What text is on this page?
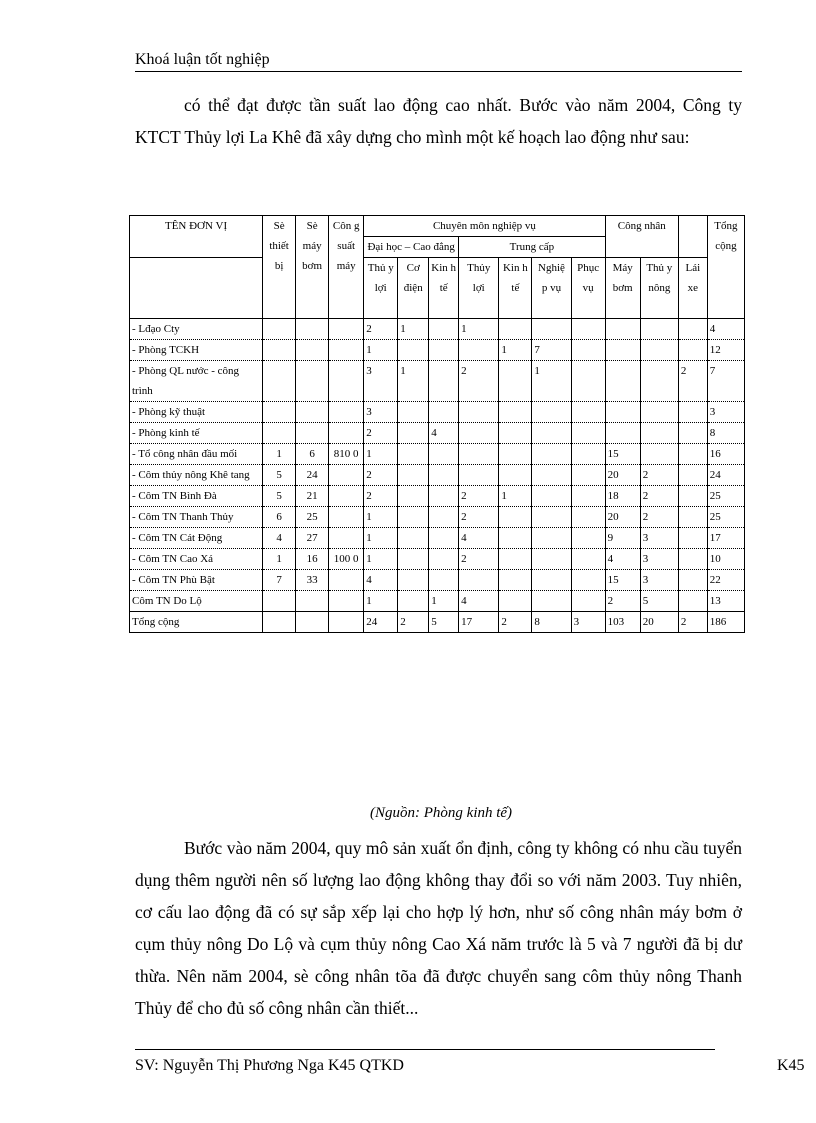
Khoá luận tốt nghiệp

có thể đạt được tần suất lao động cao nhất. Bước vào năm 2004, Công ty KTCT Thủy lợi La Khê đã xây dựng cho mình một kế hoạch lao động như sau:

TÊN ĐƠN VỊ	Sè thiết bị	Sè máy bơm	Côn g suất máy	Chuyên môn nghiệp vụ							Công nhân			Tổng cộng
				Đại học – Cao đẳng			Trung cấp							

				Thủ y lợi	Cơ điện	Kin h tế	Thủy lợi	Kin h tế	Nghiệ p vụ	Phục vụ	Máy bơm	Thủ y nông	Lái xe	
- Lđạo Cty				2	1		1							4
- Phòng TCKH				1				1	7					12
- Phòng QL nước - công trình				3	1		2		1				2	7
- Phòng kỹ thuật				3										3
- Phòng kinh tế				2		4								8
- Tổ công nhân đầu mối	1	6	810 0	1							15			16
- Côm thủy nông Khê tang	5	24		2							20	2		24
- Côm TN Bình Đà	5	21		2			2	1			18	2		25
- Côm TN Thanh Thủy	6	25		1			2				20	2		25
- Côm TN Cát Động	4	27		1			4				9	3		17
- Côm TN Cao Xá	1	16	100 0	1			2				4	3		10
- Côm TN Phù Bật	7	33		4							15	3		22
Côm TN Do Lộ				1		1	4				2	5		13
Tổng cộng				24	2	5	17	2	8	3	103	20	2	186
(Nguồn: Phòng kinh tế)

Bước vào năm 2004, quy mô sản xuất ổn định, công ty không có nhu cầu tuyển dụng thêm người nên số lượng lao động không thay đổi so với năm 2003. Tuy nhiên, cơ cấu lao động đã có sự sắp xếp lại cho hợp lý hơn, như số công nhân máy bơm ở cụm thủy nông Do Lộ và cụm thủy nông Cao Xá năm trước là 5 và 7 người đã bị dư thừa. Nên năm 2004, sè công nhân tõa đã được chuyển sang côm thủy nông Thanh Thủy để cho đủ số công nhân cần thiết...

SV: Nguyễn Thị Phương Nga K45 QTKD	K45
